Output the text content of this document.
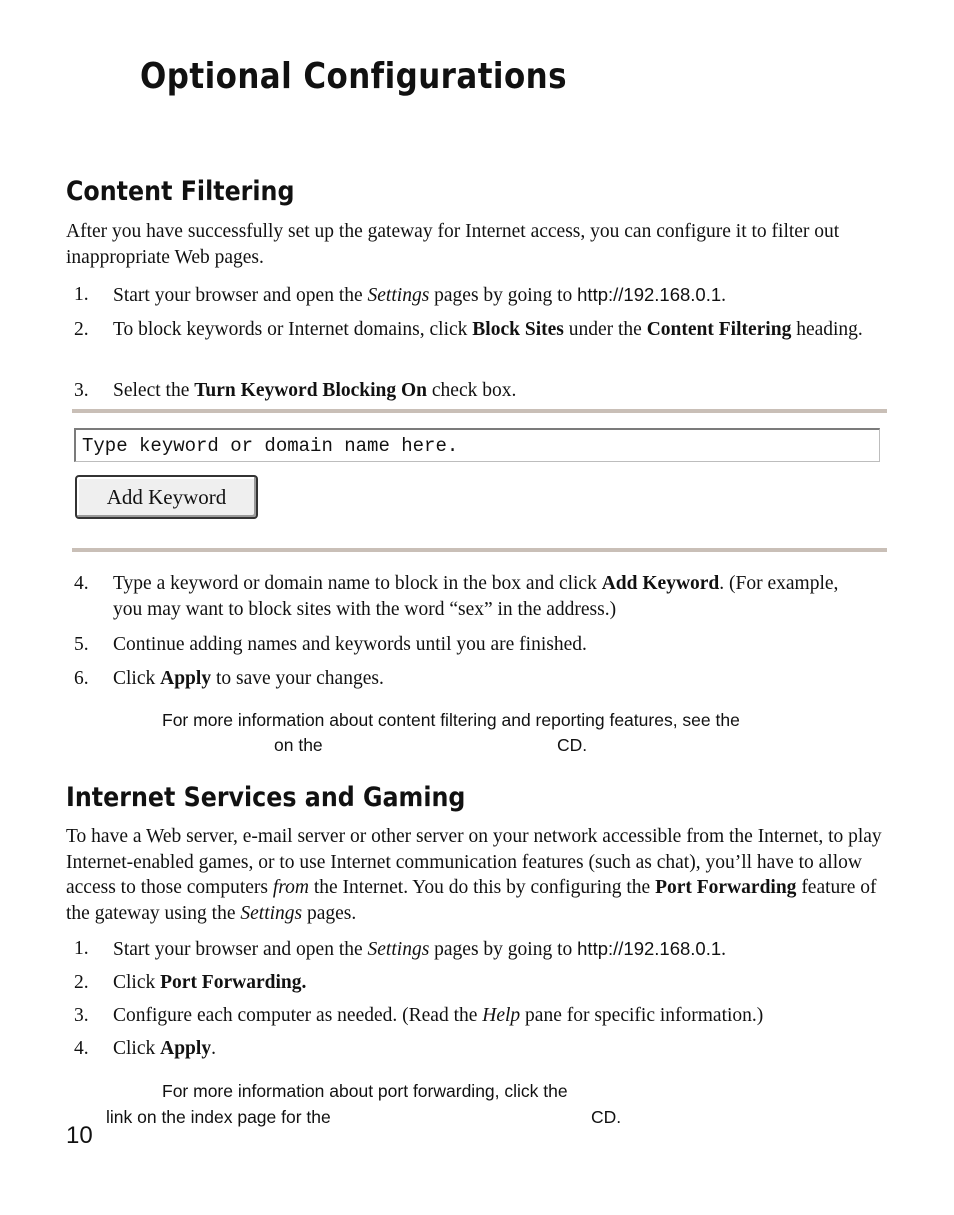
Optional Configurations
Content Filtering

After you have successfully set up the gateway for Internet access, you can configure it to filter out inappropriate Web pages.

1. Start your browser and open the Settings pages by going to http://192.168.0.1.
2. To block keywords or Internet domains, click Block Sites under the Content Filtering heading.
3. Select the Turn Keyword Blocking On check box.
Type keyword or domain name here.
Add Keyword
4. Type a keyword or domain name to block in the box and click Add Keyword. (For example, you may want to block sites with the word “sex” in the address.)
5. Continue adding names and keywords until you are finished.
6. Click Apply to save your changes.

For more information about content filtering and reporting features, see the

on the	CD.

Internet Services and Gaming

To have a Web server, e-mail server or other server on your network accessible from the Internet, to play Internet-enabled games, or to use Internet communication features (such as chat), you’ll have to allow access to those computers from the Internet. You do this by configuring the Port Forwarding feature of the gateway using the Settings pages.

1. Start your browser and open the Settings pages by going to http://192.168.0.1.
2. Click Port Forwarding.
3. Configure each computer as needed. (Read the Help pane for specific information.)
4. Click Apply.

For more information about port forwarding, click the

link on the index page for the	CD.

10
